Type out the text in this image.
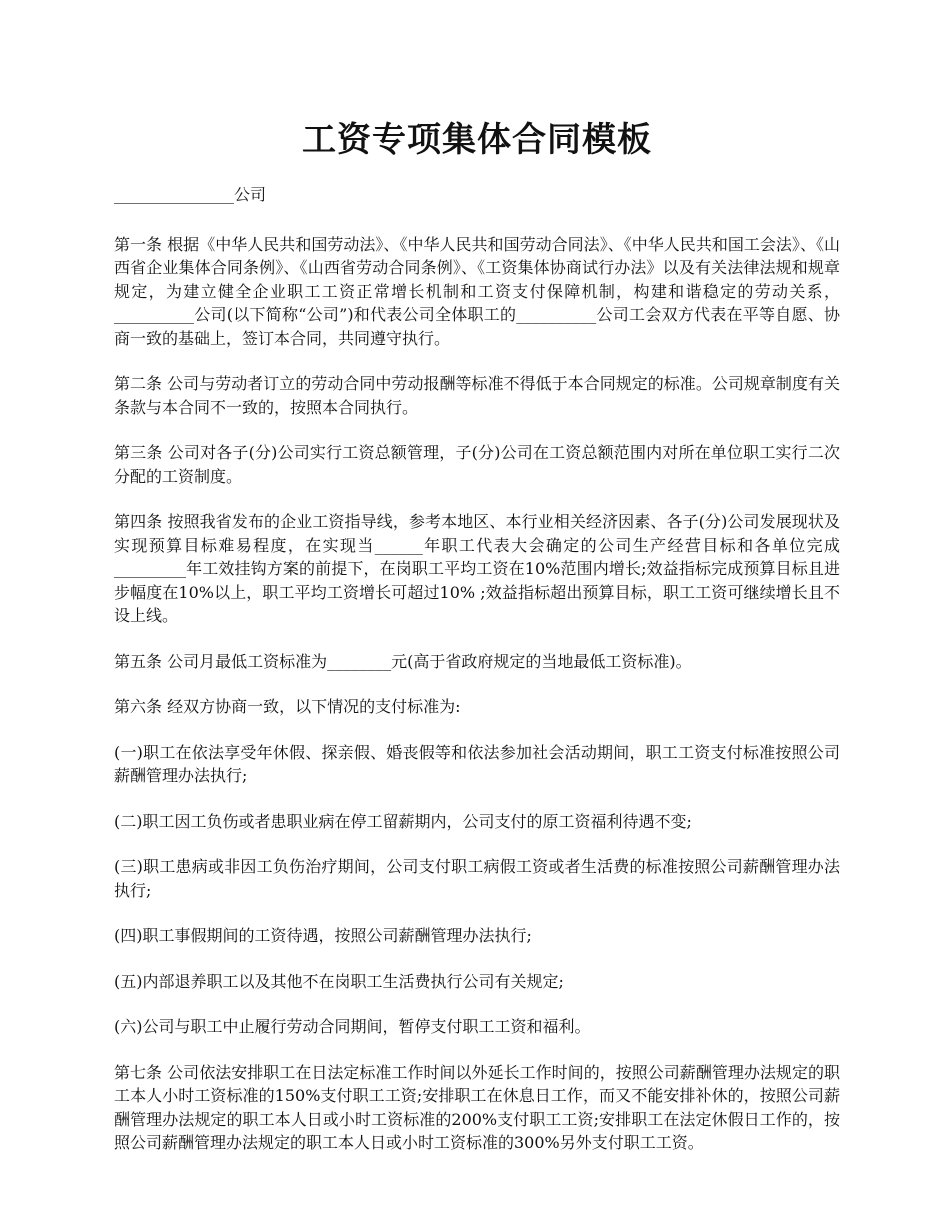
工资专项集体合同模板

_______________公司

第一条 根据《中华人民共和国劳动法》、《中华人民共和国劳动合同法》、《中华人民共和国工会法》、《山西省企业集体合同条例》、《山西省劳动合同条例》、《工资集体协商试行办法》以及有关法律法规和规章规定，为建立健全企业职工工资正常增长机制和工资支付保障机制，构建和谐稳定的劳动关系，__________公司(以下简称“公司”)和代表公司全体职工的__________公司工会双方代表在平等自愿、协商一致的基础上，签订本合同，共同遵守执行。

第二条 公司与劳动者订立的劳动合同中劳动报酬等标准不得低于本合同规定的标准。公司规章制度有关条款与本合同不一致的，按照本合同执行。

第三条 公司对各子(分)公司实行工资总额管理，子(分)公司在工资总额范围内对所在单位职工实行二次分配的工资制度。

第四条 按照我省发布的企业工资指导线，参考本地区、本行业相关经济因素、各子(分)公司发展现状及实现预算目标难易程度，在实现当______年职工代表大会确定的公司生产经营目标和各单位完成_________年工效挂钩方案的前提下，在岗职工平均工资在10%范围内增长;效益指标完成预算目标且进步幅度在10%以上，职工平均工资增长可超过10% ;效益指标超出预算目标，职工工资可继续增长且不设上线。

第五条 公司月最低工资标准为________元(高于省政府规定的当地最低工资标准)。

第六条 经双方协商一致，以下情况的支付标准为:

(一)职工在依法享受年休假、探亲假、婚丧假等和依法参加社会活动期间，职工工资支付标准按照公司薪酬管理办法执行;

(二)职工因工负伤或者患职业病在停工留薪期内，公司支付的原工资福利待遇不变;

(三)职工患病或非因工负伤治疗期间，公司支付职工病假工资或者生活费的标准按照公司薪酬管理办法执行;

(四)职工事假期间的工资待遇，按照公司薪酬管理办法执行;

(五)内部退养职工以及其他不在岗职工生活费执行公司有关规定;

(六)公司与职工中止履行劳动合同期间，暂停支付职工工资和福利。

第七条 公司依法安排职工在日法定标准工作时间以外延长工作时间的，按照公司薪酬管理办法规定的职工本人小时工资标准的150%支付职工工资;安排职工在休息日工作，而又不能安排补休的，按照公司薪酬管理办法规定的职工本人日或小时工资标准的200%支付职工工资;安排职工在法定休假日工作的，按照公司薪酬管理办法规定的职工本人日或小时工资标准的300%另外支付职工工资。
